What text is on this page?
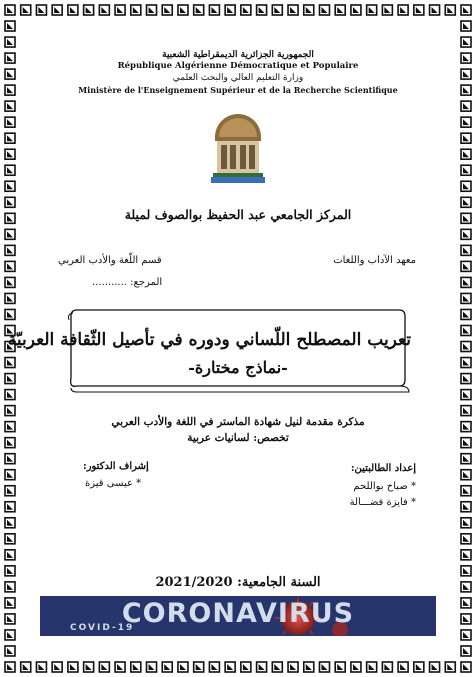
الجمهورية الجزائرية الديمقراطية الشعبية
République Algérienne Démocratique et Populaire
وزارة التعليم العالي والبحث العلمي
Ministère de l'Enseignement Supérieur et de la Recherche Scientifique
المركز الجامعي عبد الحفيظ بوالصوف لميلة
معهد الآداب واللغات
قسم اللّغة والأدب العربي
المرجع: ...........
تعريب المصطلح اللّساني ودوره في تأصيل الثّقافة العربيّة
-نماذج مختارة-
مذكرة مقدمة لنيل شهادة الماستر في اللغة والأدب العربي
تخصص: لسانيات عربية
إعداد الطالبتين:
* صباح بواللحم
* فايزة فضـــالة
إشراف الدكتور:
* عيسى قيزة
السنة الجامعية: 2021/2020
CORONAVIRUS
COVID-19
